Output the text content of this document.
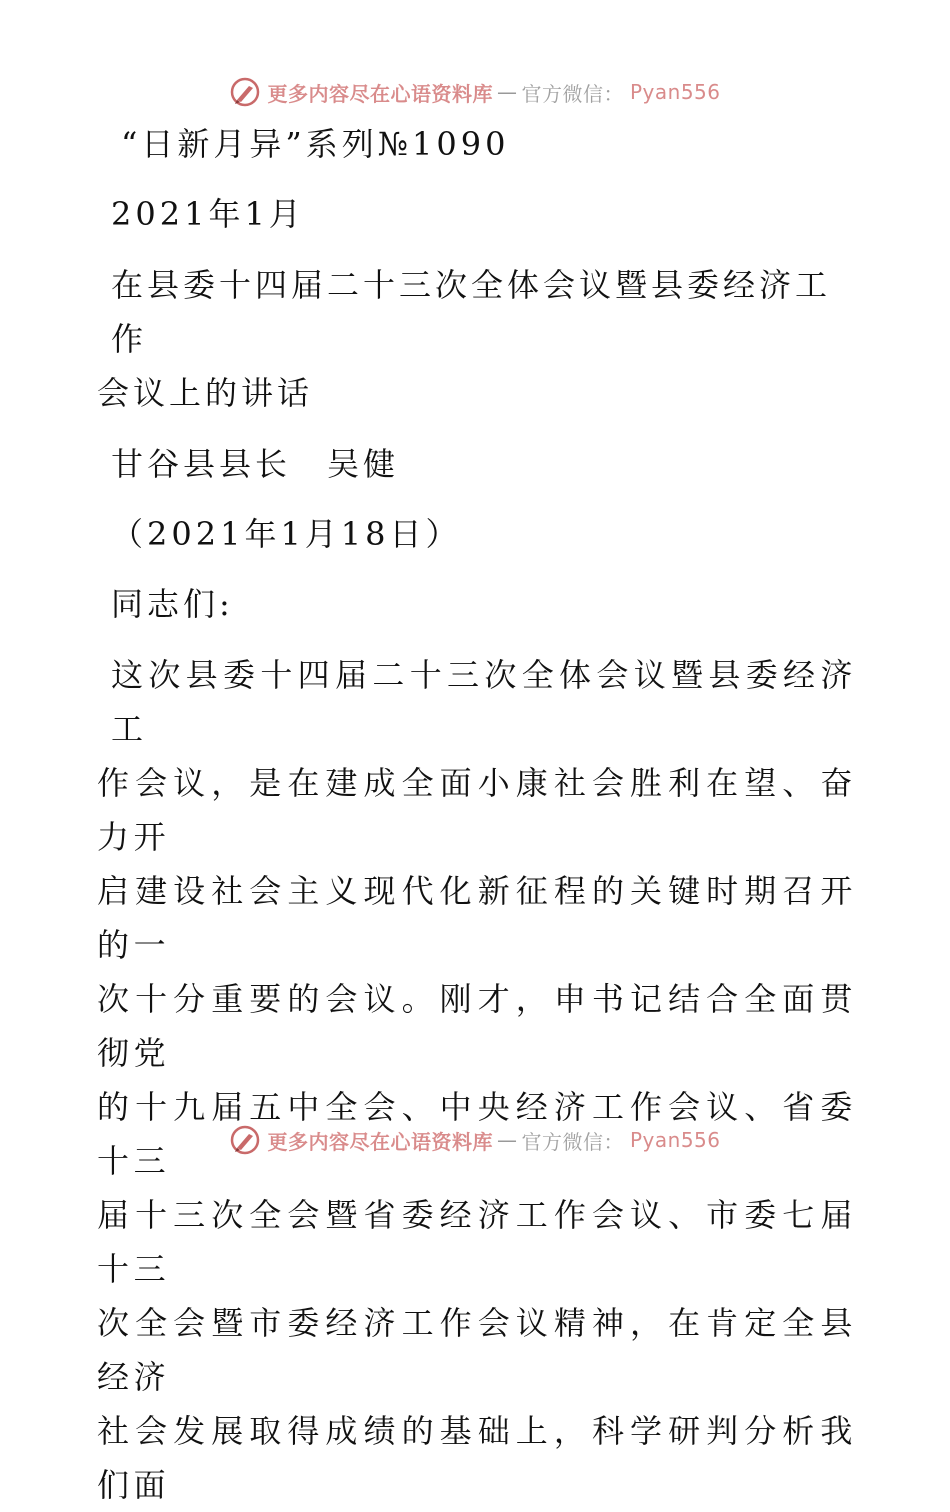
更多内容尽在心语资料库 — 官方微信： Pyan556
“日新月异”系列№1090
2021年1月
在县委十四届二十三次全体会议暨县委经济工作
会议上的讲话
甘谷县县长　吴健
（2021年1月18日）
同志们:
这次县委十四届二十三次全体会议暨县委经济工
作会议，是在建成全面小康社会胜利在望、奋力开
启建设社会主义现代化新征程的关键时期召开的一
次十分重要的会议。刚才，申书记结合全面贯彻党
的十九届五中全会、中央经济工作会议、省委十三
届十三次全会暨省委经济工作会议、市委七届十三
次全会暨市委经济工作会议精神，在肯定全县经济
社会发展取得成绩的基础上，科学研判分析我们面
更多内容尽在心语资料库 — 官方微信： Pyan556
